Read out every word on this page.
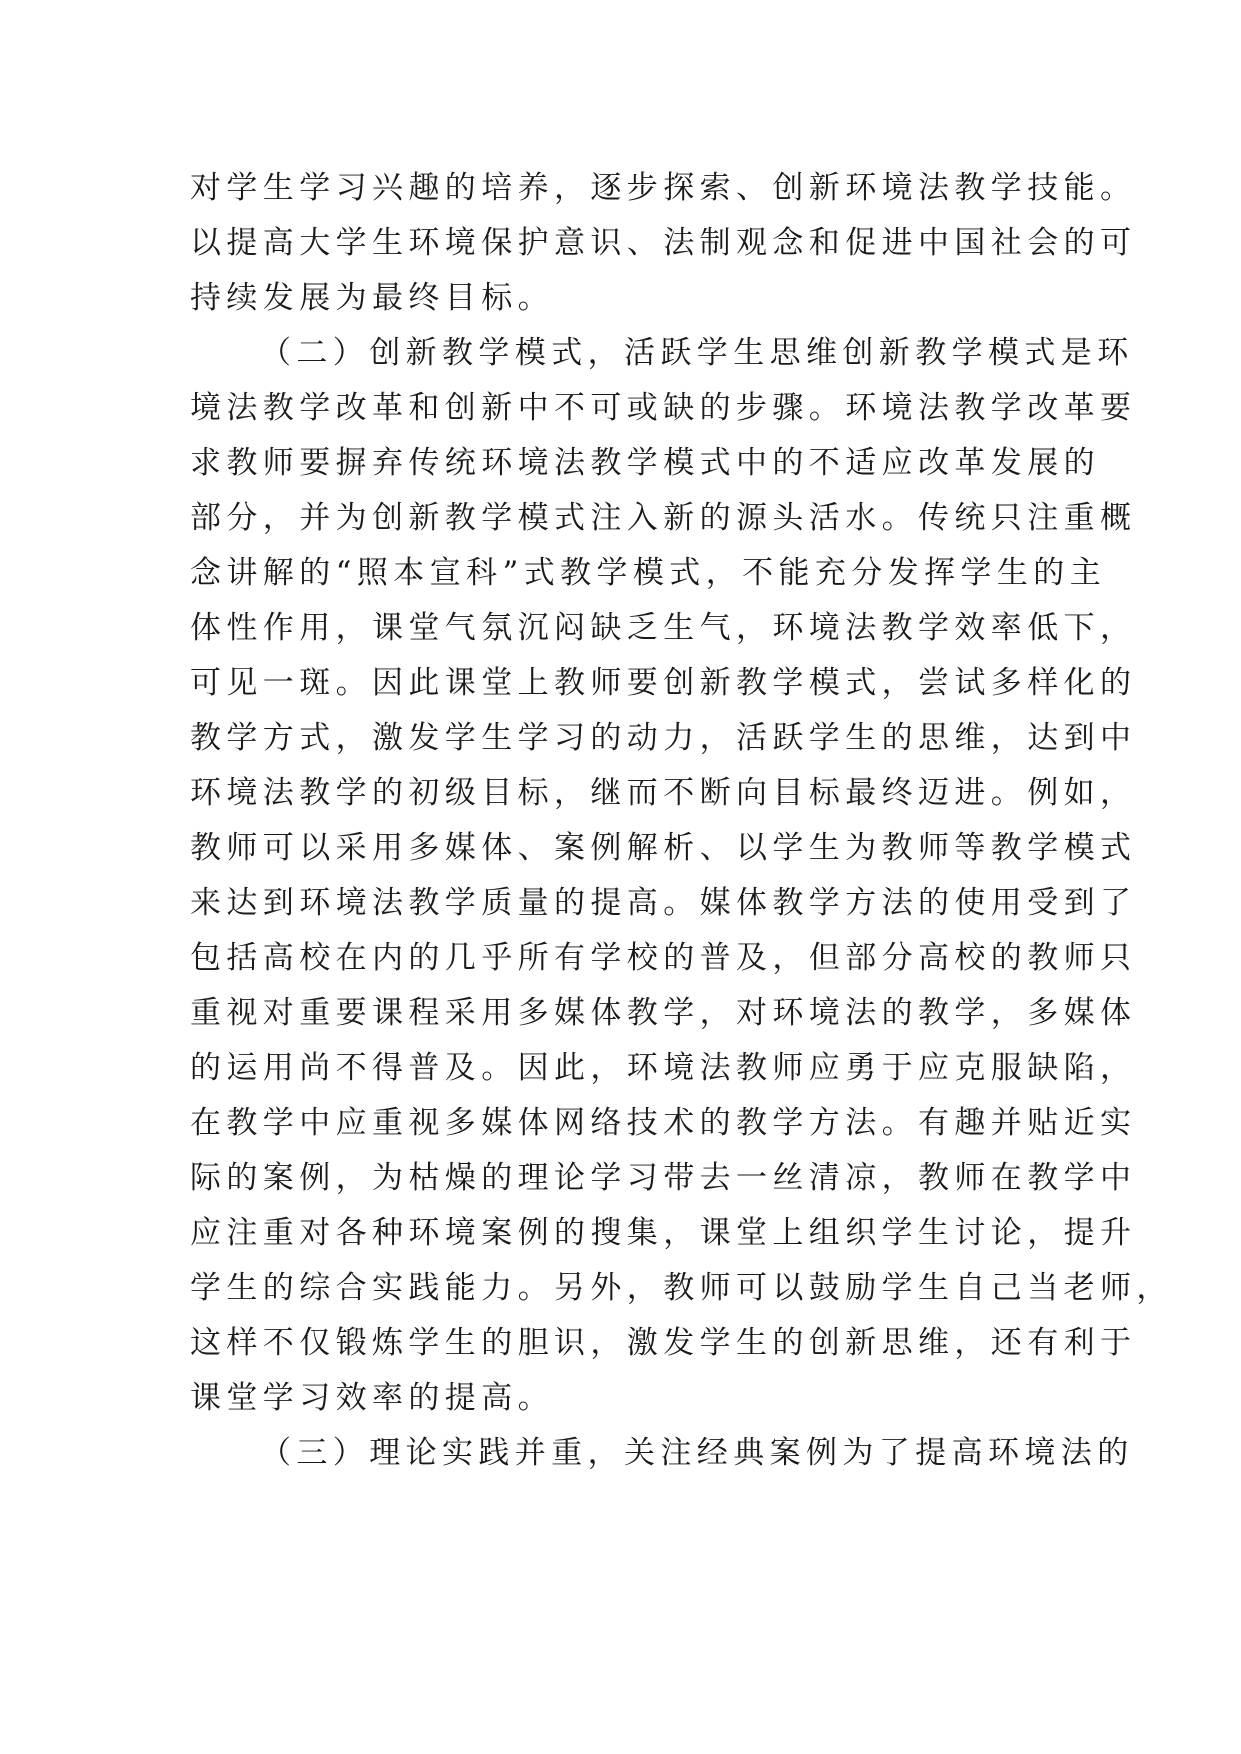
对学生学习兴趣的培养，逐步探索、创新环境法教学技能。
以提高大学生环境保护意识、法制观念和促进中国社会的可
持续发展为最终目标。
（二）创新教学模式，活跃学生思维创新教学模式是环
境法教学改革和创新中不可或缺的步骤。环境法教学改革要
求教师要摒弃传统环境法教学模式中的不适应改革发展的
部分，并为创新教学模式注入新的源头活水。传统只注重概
念讲解的“照本宣科”式教学模式，不能充分发挥学生的主
体性作用，课堂气氛沉闷缺乏生气，环境法教学效率低下，
可见一斑。因此课堂上教师要创新教学模式，尝试多样化的
教学方式，激发学生学习的动力，活跃学生的思维，达到中
环境法教学的初级目标，继而不断向目标最终迈进。例如，
教师可以采用多媒体、案例解析、以学生为教师等教学模式
来达到环境法教学质量的提高。媒体教学方法的使用受到了
包括高校在内的几乎所有学校的普及，但部分高校的教师只
重视对重要课程采用多媒体教学，对环境法的教学，多媒体
的运用尚不得普及。因此，环境法教师应勇于应克服缺陷，
在教学中应重视多媒体网络技术的教学方法。有趣并贴近实
际的案例，为枯燥的理论学习带去一丝清凉，教师在教学中
应注重对各种环境案例的搜集，课堂上组织学生讨论，提升
学生的综合实践能力。另外，教师可以鼓励学生自己当老师，
这样不仅锻炼学生的胆识，激发学生的创新思维，还有利于
课堂学习效率的提高。
（三）理论实践并重，关注经典案例为了提高环境法的
